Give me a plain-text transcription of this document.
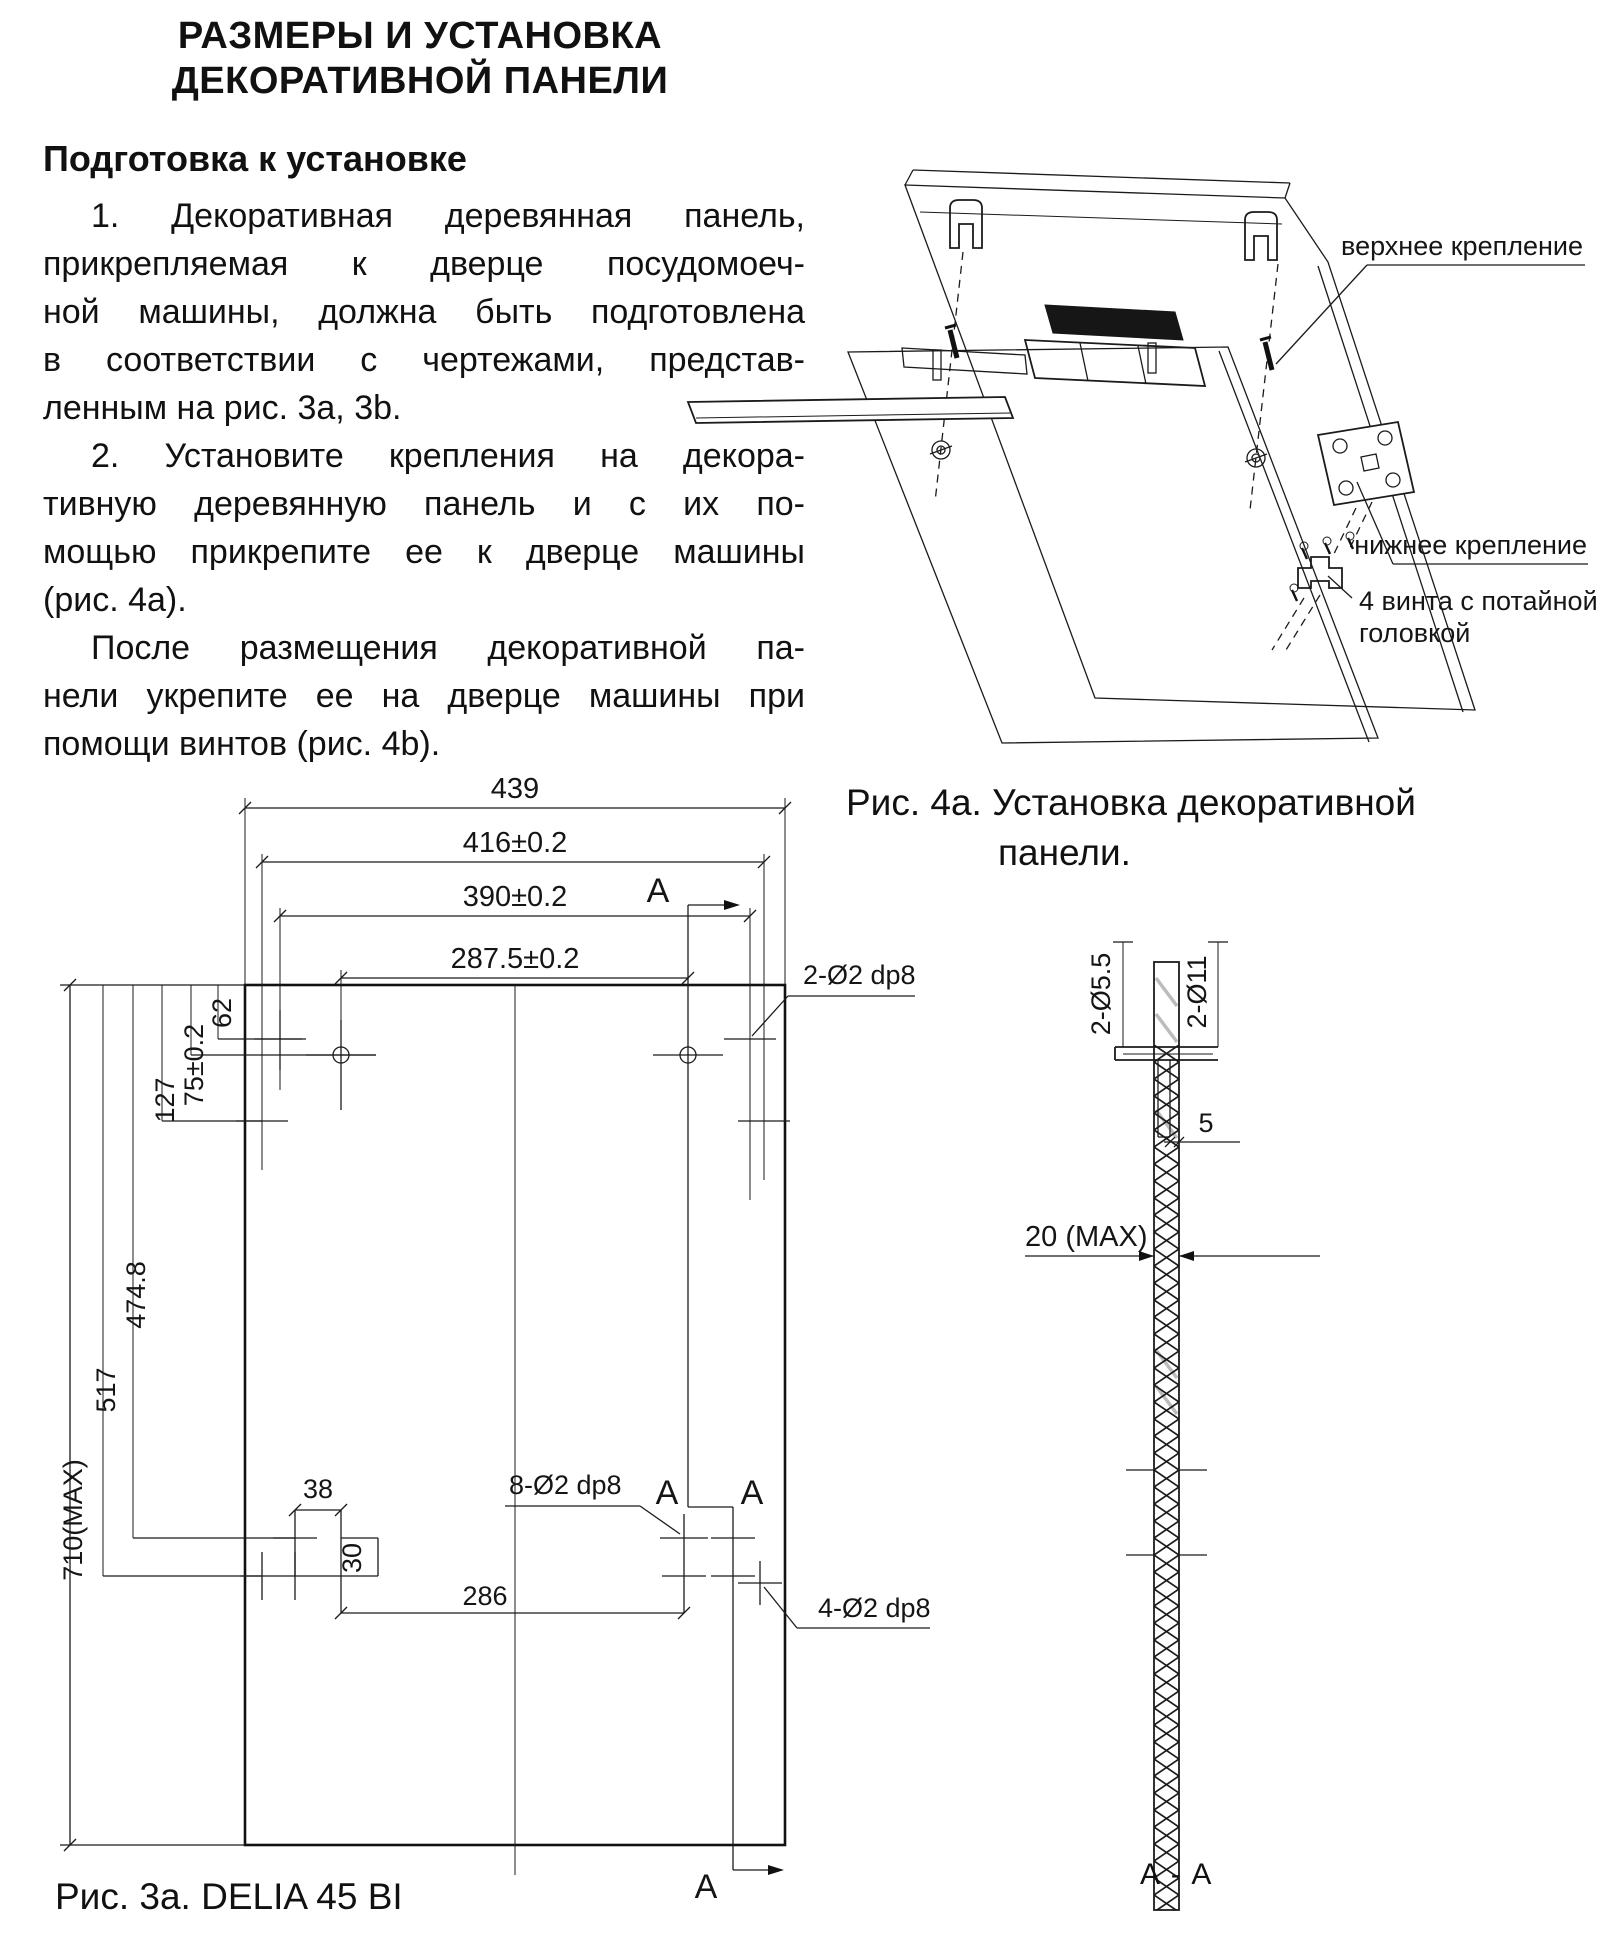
РАЗМЕРЫ И УСТАНОВКА
ДЕКОРАТИВНОЙ ПАНЕЛИ
Подготовка к установке
1. Декоративная деревянная панель,
прикрепляемая к дверце посудомоеч-
ной машины, должна быть подготовлена
в соответствии с чертежами, представ-
ленным на рис. 3а, 3b.
2. Установите крепления на декора-
тивную деревянную панель и с их по-
мощью прикрепите ее к дверце машины
(рис. 4а).
После размещения декоративной па-
нели укрепите ее на дверце машины при
помощи винтов (рис. 4b).
верхнее крепление
нижнее крепление
4 винта с потайной
головкой
Рис. 4а. Установка декоративной
панели.
439
416±0.2
390±0.2
287.5±0.2
A
A A
A
62
75±0.2
127
474.8
517
710(MAX)
2-Ø2 dp8
38
30
286
8-Ø2 dp8
4-Ø2 dp8
Рис. 3а. DELIA 45 BI
2-Ø5.5 2-Ø11
5
20 (MAX)
A - A
